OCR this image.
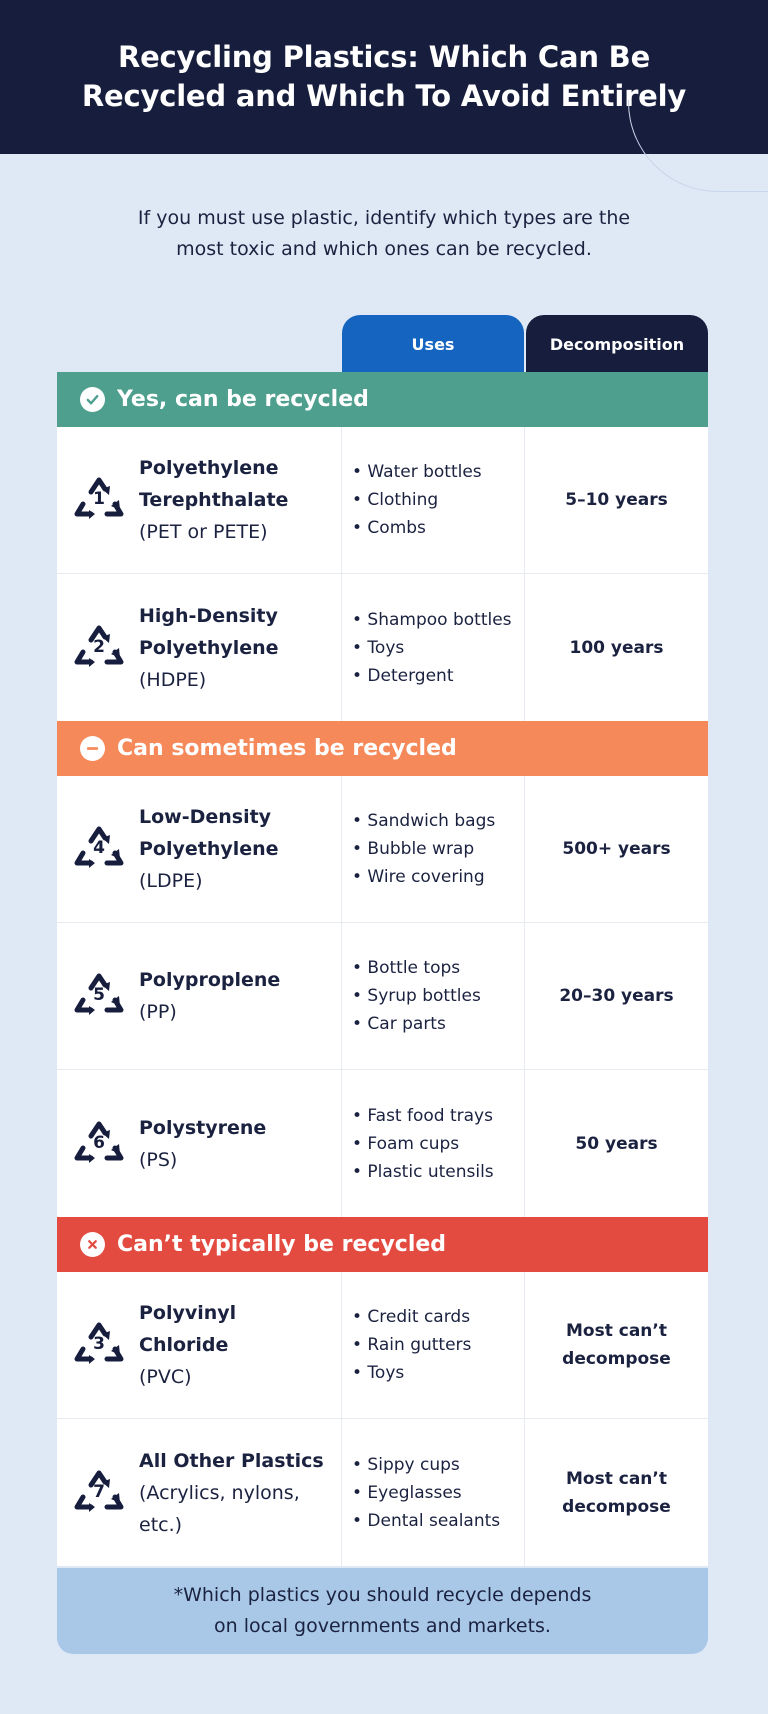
Recycling Plastics: Which Can Be
Recycled and Which To Avoid Entirely
If you must use plastic, identify which types are the
most toxic and which ones can be recycled.
Uses	Decomposition
Yes, can be recycled
1
Polyethylene
Terephthalate
(PET or PETE)
• Water bottles
• Clothing
• Combs
5–10 years
2
High-Density
Polyethylene
(HDPE)
• Shampoo bottles
• Toys
• Detergent
100 years
Can sometimes be recycled
4
Low-Density
Polyethylene
(LDPE)
• Sandwich bags
• Bubble wrap
• Wire covering
500+ years
5
Polyproplene
(PP)
• Bottle tops
• Syrup bottles
• Car parts
20–30 years
6
Polystyrene
(PS)
• Fast food trays
• Foam cups
• Plastic utensils
50 years
Can’t typically be recycled
3
Polyvinyl
Chloride
(PVC)
• Credit cards
• Rain gutters
• Toys
Most can’t
decompose
7
All Other Plastics
(Acrylics, nylons, etc.)
• Sippy cups
• Eyeglasses
• Dental sealants
Most can’t
decompose
*Which plastics you should recycle depends
on local governments and markets.
